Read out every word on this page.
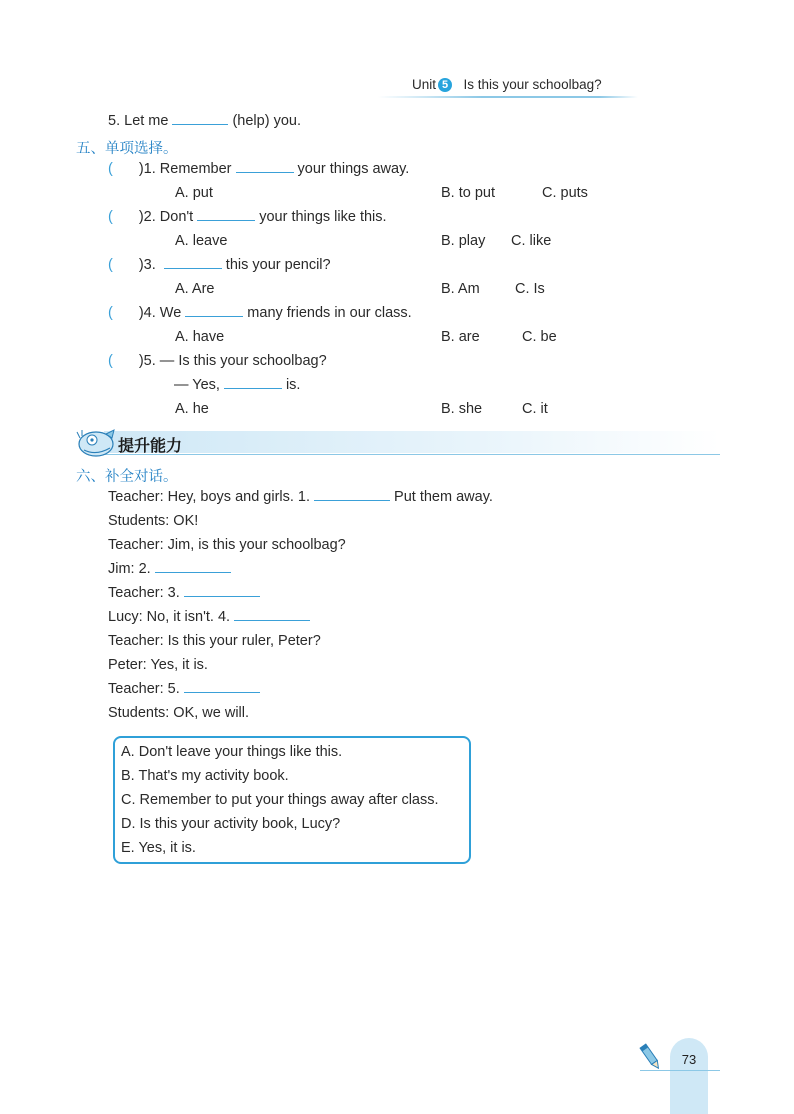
Unit 5 Is this your schoolbag?
5. Let me	(help) you.
五、单项选择。
( )1. Remember	your things away.
A. put	B. to put	C. puts
( )2. Don't	your things like this.
A. leave	B. play C. like
( )3.	this your pencil?
A. Are	B. Am C. Is
( )4. We	many friends in our class.
A. have	B. are	C. be
( )5. — Is this your schoolbag?
— Yes,	is.
A. he	B. she	C. it
提升能力
六、补全对话。
Teacher: Hey, boys and girls. 1.	Put them away.
Students: OK!
Teacher: Jim, is this your schoolbag?
Jim: 2.
Teacher: 3.
Lucy: No, it isn't. 4.
Teacher: Is this your ruler, Peter?
Peter: Yes, it is.
Teacher: 5.
Students: OK, we will.
A. Don't leave your things like this.
B. That's my activity book.
C. Remember to put your things away after class.
D. Is this your activity book, Lucy?
E. Yes, it is.
73
